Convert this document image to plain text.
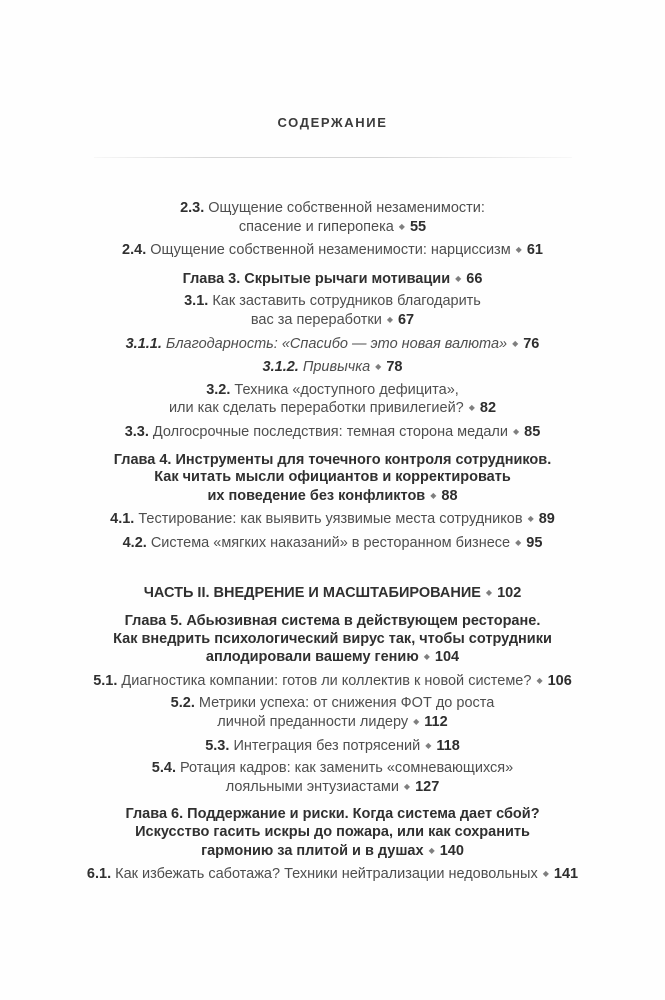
СОДЕРЖАНИЕ

2.3. Ощущение собственной незаменимости:
спасение и гиперопека ◆ 55

2.4. Ощущение собственной незаменимости: нарциссизм ◆ 61

Глава 3. Скрытые рычаги мотивации ◆ 66

3.1. Как заставить сотрудников благодарить
вас за переработки ◆ 67

3.1.1. Благодарность: «Спасибо — это новая валюта» ◆ 76

3.1.2. Привычка ◆ 78

3.2. Техника «доступного дефицита»,
или как сделать переработки привилегией? ◆ 82

3.3. Долгосрочные последствия: темная сторона медали ◆ 85

Глава 4. Инструменты для точечного контроля сотрудников.
Как читать мысли официантов и корректировать
их поведение без конфликтов ◆ 88

4.1. Тестирование: как выявить уязвимые места сотрудников ◆ 89

4.2. Система «мягких наказаний» в ресторанном бизнесе ◆ 95

ЧАСТЬ II. ВНЕДРЕНИЕ И МАСШТАБИРОВАНИЕ ◆ 102

Глава 5. Абьюзивная система в действующем ресторане.
Как внедрить психологический вирус так, чтобы сотрудники
аплодировали вашему гению ◆ 104

5.1. Диагностика компании: готов ли коллектив к новой системе? ◆ 106

5.2. Метрики успеха: от снижения ФОТ до роста
личной преданности лидеру ◆ 112

5.3. Интеграция без потрясений ◆ 118

5.4. Ротация кадров: как заменить «сомневающихся»
лояльными энтузиастами ◆ 127

Глава 6. Поддержание и риски. Когда система дает сбой?
Искусство гасить искры до пожара, или как сохранить
гармонию за плитой и в душах ◆ 140

6.1. Как избежать саботажа? Техники нейтрализации недовольных ◆ 141
